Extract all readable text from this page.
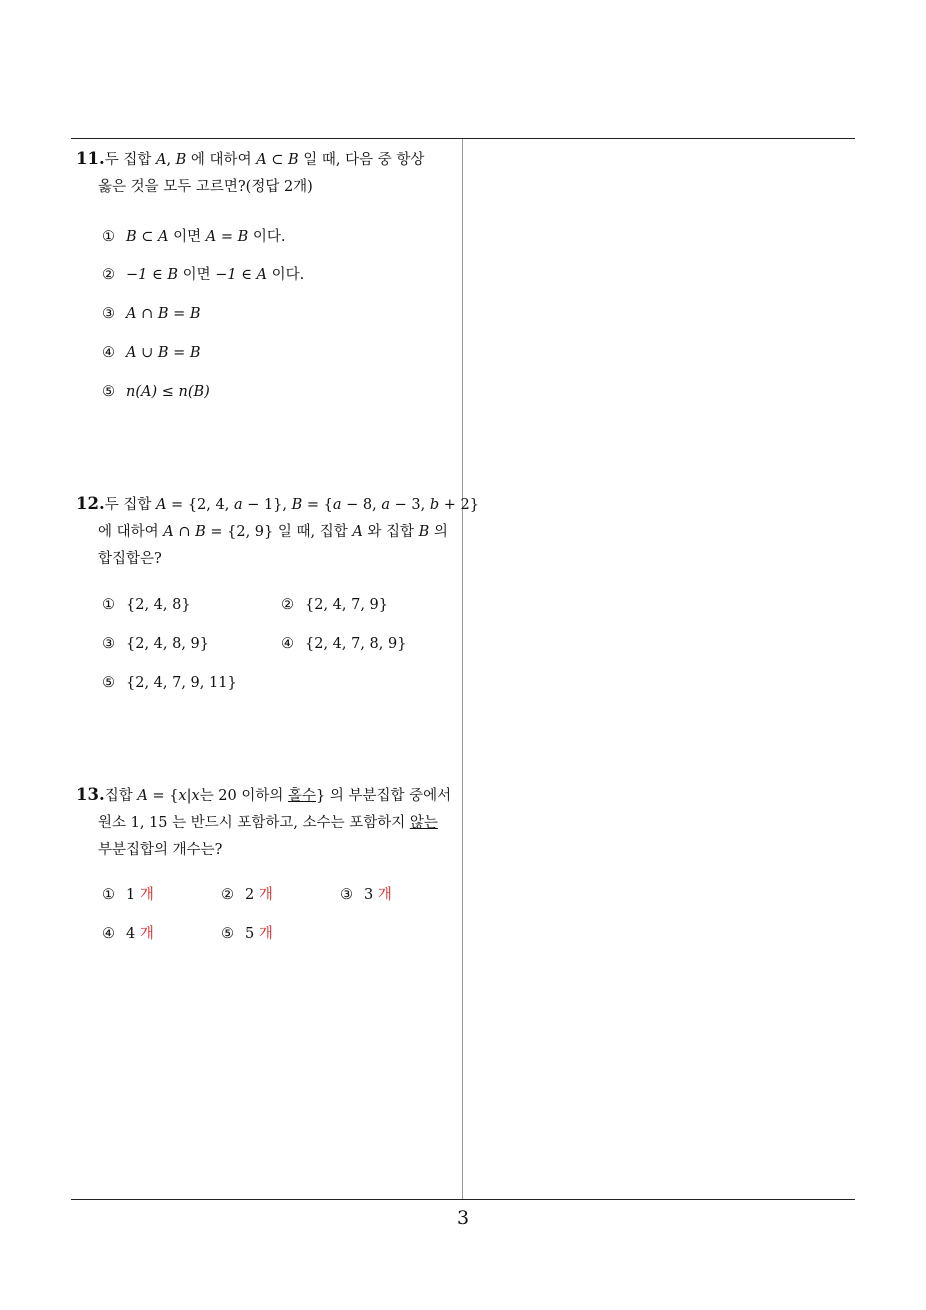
3
11.두 집합 A, B 에 대하여 A ⊂ B 일 때, 다음 중 항상
옳은 것을 모두 고르면?(정답 2개)
① B ⊂ A 이면 A = B 이다.
② −1 ∈ B 이면 −1 ∈ A 이다.
③ A ∩ B = B
④ A ∪ B = B
⑤ n(A) ≤ n(B)
12.두 집합 A = {2, 4, a − 1}, B = {a − 8, a − 3, b + 2}
에 대하여 A ∩ B = {2, 9} 일 때, 집합 A 와 집합 B 의
합집합은?
① {2, 4, 8}	② {2, 4, 7, 9}
③ {2, 4, 8, 9}	④ {2, 4, 7, 8, 9}
⑤ {2, 4, 7, 9, 11}
13.집합 A = {x|x는 20 이하의 홀수} 의 부분집합 중에서
원소 1, 15 는 반드시 포함하고, 소수는 포함하지 않는
부분집합의 개수는?
① 1 개	② 2 개	③ 3 개
④ 4 개	⑤ 5 개
